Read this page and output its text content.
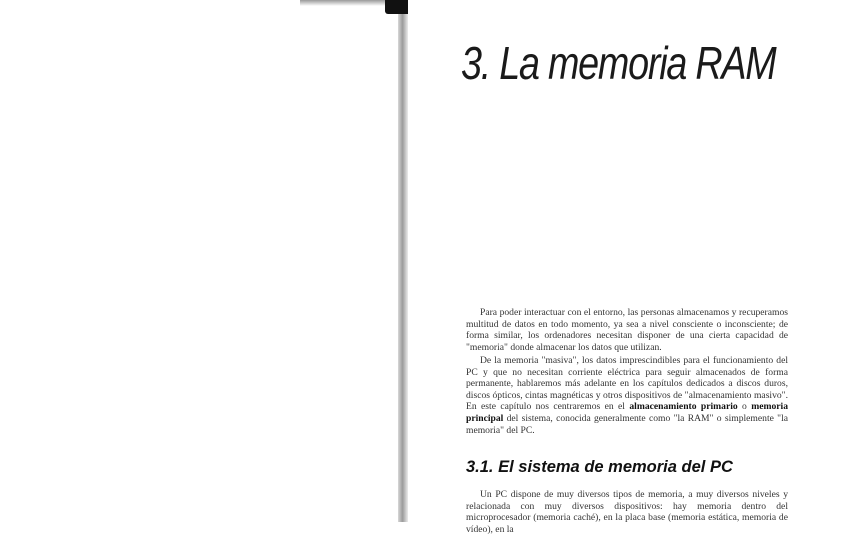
3. La memoria RAM

Para poder interactuar con el entorno, las personas almacenamos y recuperamos multitud de datos en todo momento, ya sea a nivel consciente o inconsciente; de forma similar, los ordenadores necesitan disponer de una cierta capacidad de "memoria" donde almacenar los datos que utilizan.

De la memoria "masiva", los datos imprescindibles para el funcionamiento del PC y que no necesitan corriente eléctrica para seguir almacenados de forma permanente, hablaremos más adelante en los capítulos dedicados a discos duros, discos ópticos, cintas magnéticas y otros dispositivos de "almacenamiento masivo". En este capítulo nos centraremos en el almacenamiento primario o memoria principal del sistema, conocida generalmente como "la RAM" o simplemente "la memoria" del PC.

3.1. El sistema de memoria del PC

Un PC dispone de muy diversos tipos de memoria, a muy diversos niveles y relacionada con muy diversos dispositivos: hay memoria dentro del microprocesador (memoria caché), en la placa base (memoria estática, memoria de vídeo), en la
